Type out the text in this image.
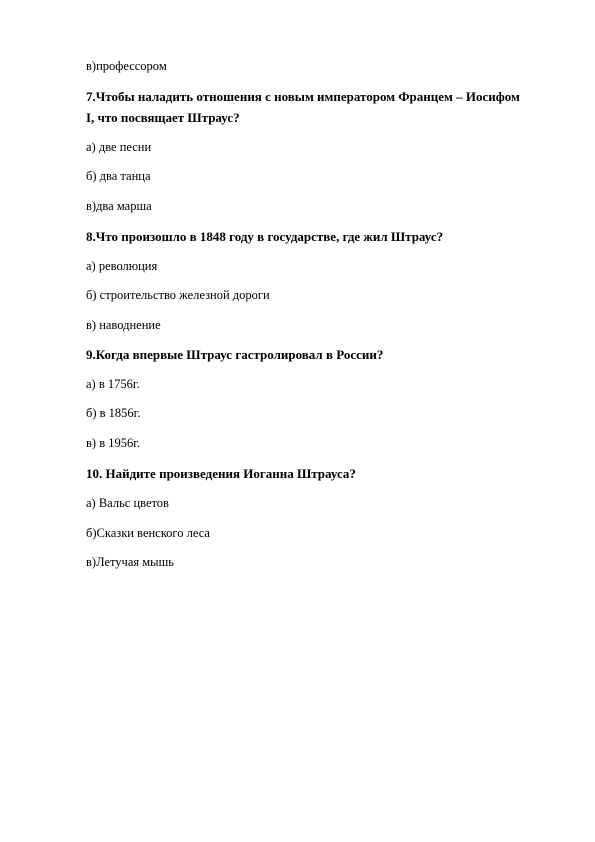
в)профессором
7.Чтобы наладить отношения с новым императором Францем – Иосифом
I, что посвящает Штраус?
а) две песни
б) два танца
в)два марша
8.Что произошло в 1848 году в государстве, где жил Штраус?
а) революция
б) строительство железной дороги
в) наводнение
9.Когда впервые Штраус гастролировал в России?
а) в 1756г.
б) в 1856г.
в) в 1956г.
10. Найдите произведения Иоганна Штрауса?
а) Вальс цветов
б)Сказки венского леса
в)Летучая мышь
